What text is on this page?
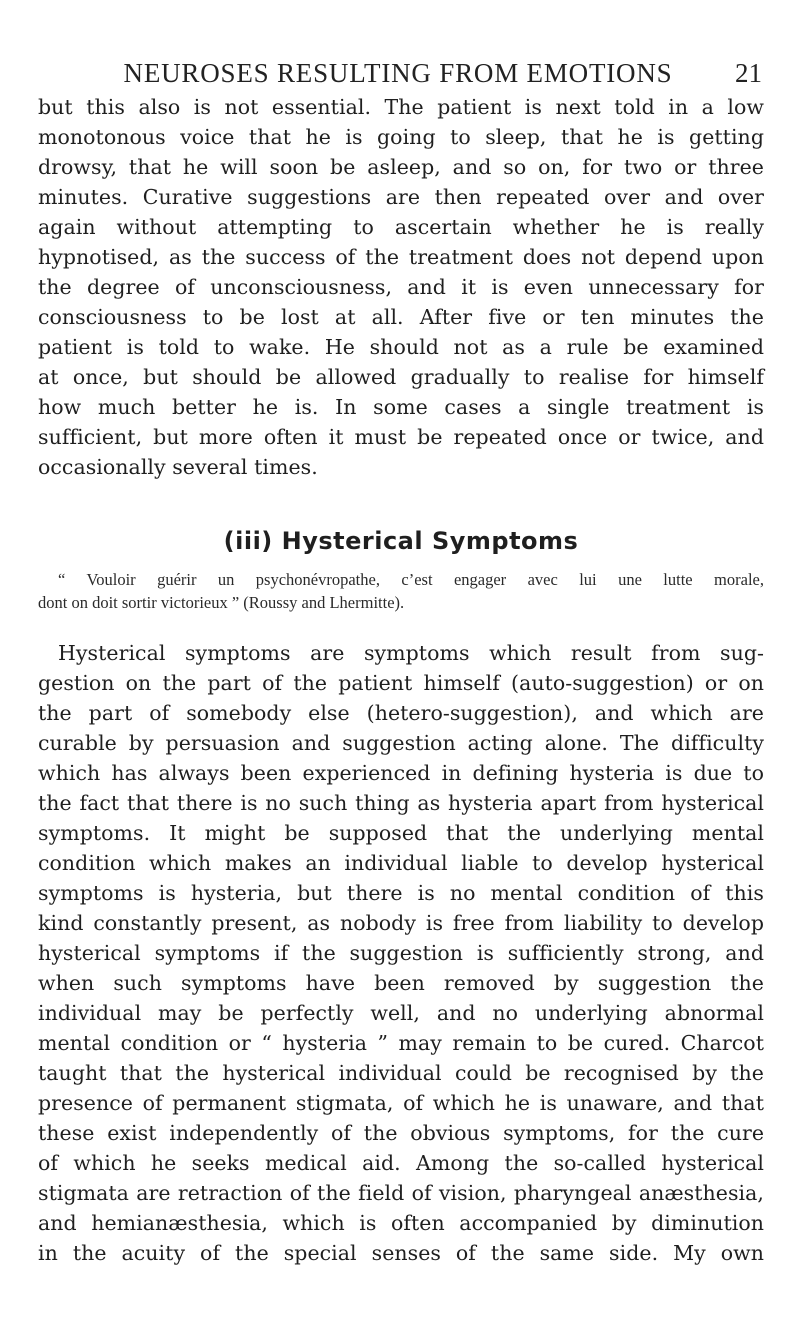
NEUROSES RESULTING FROM EMOTIONS 21
but this also is not essential. The patient is next told in a low
monotonous voice that he is going to sleep, that he is getting
drowsy, that he will soon be asleep, and so on, for two or three
minutes. Curative suggestions are then repeated over and over
again without attempting to ascertain whether he is really
hypnotised, as the success of the treatment does not depend upon
the degree of unconsciousness, and it is even unnecessary for
consciousness to be lost at all. After five or ten minutes the
patient is told to wake. He should not as a rule be examined
at once, but should be allowed gradually to realise for himself
how much better he is. In some cases a single treatment is
sufficient, but more often it must be repeated once or twice, and
occasionally several times.
(iii) Hysterical Symptoms
“ Vouloir guérir un psychonévropathe, c’est engager avec lui une lutte morale,
dont on doit sortir victorieux ” (Roussy and Lhermitte).
Hysterical symptoms are symptoms which result from sug-
gestion on the part of the patient himself (auto-suggestion) or on
the part of somebody else (hetero-suggestion), and which are
curable by persuasion and suggestion acting alone. The difficulty
which has always been experienced in defining hysteria is due to
the fact that there is no such thing as hysteria apart from hysterical
symptoms. It might be supposed that the underlying mental
condition which makes an individual liable to develop hysterical
symptoms is hysteria, but there is no mental condition of this
kind constantly present, as nobody is free from liability to develop
hysterical symptoms if the suggestion is sufficiently strong, and
when such symptoms have been removed by suggestion the
individual may be perfectly well, and no underlying abnormal
mental condition or “ hysteria ” may remain to be cured. Charcot
taught that the hysterical individual could be recognised by the
presence of permanent stigmata, of which he is unaware, and that
these exist independently of the obvious symptoms, for the cure
of which he seeks medical aid. Among the so-called hysterical
stigmata are retraction of the field of vision, pharyngeal anæsthesia,
and hemianæsthesia, which is often accompanied by diminution
in the acuity of the special senses of the same side. My own
